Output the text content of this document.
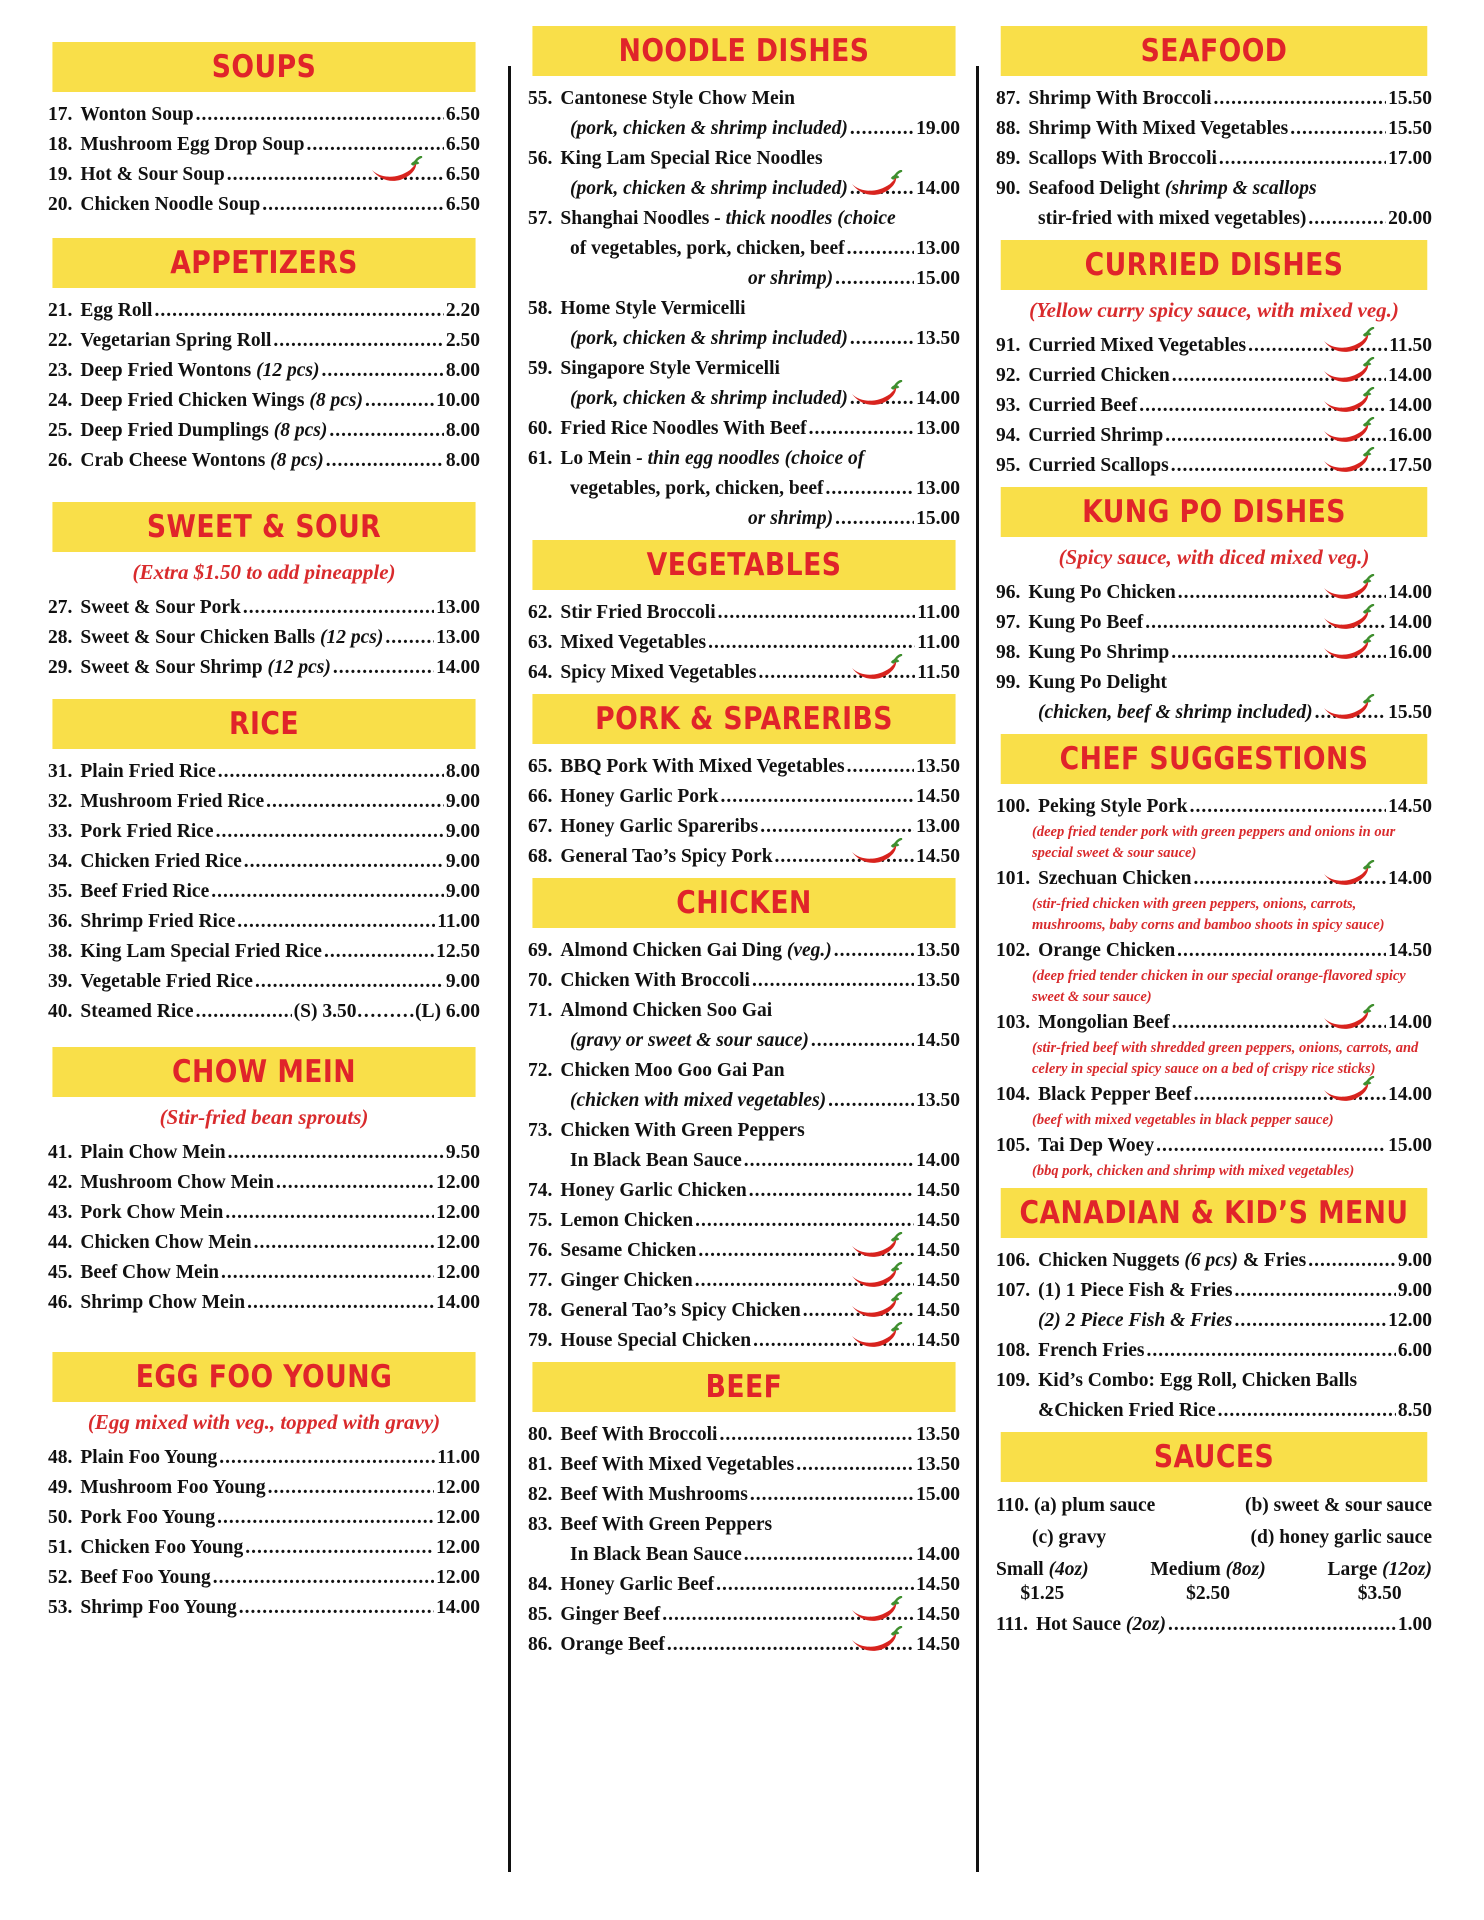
SOUPS
17. Wonton Soup .....	6.50
18. Mushroom Egg Drop Soup .....	6.50
19. Hot & Sour Soup .....	6.50
20. Chicken Noodle Soup .....	6.50
APPETIZERS
21. Egg Roll .....	2.20
22. Vegetarian Spring Roll .....	2.50
23. Deep Fried Wontons (12 pcs) .....	8.00
24. Deep Fried Chicken Wings (8 pcs) .....	10.00
25. Deep Fried Dumplings (8 pcs) .....	8.00
26. Crab Cheese Wontons (8 pcs) .....	8.00
SWEET & SOUR
(Extra $1.50 to add pineapple)
27. Sweet & Sour Pork .....	13.00
28. Sweet & Sour Chicken Balls (12 pcs) .....	13.00
29. Sweet & Sour Shrimp (12 pcs) .....	14.00
RICE
31. Plain Fried Rice .....	8.00
32. Mushroom Fried Rice .....	9.00
33. Pork Fried Rice .....	9.00
34. Chicken Fried Rice .....	9.00
35. Beef Fried Rice .....	9.00
36. Shrimp Fried Rice .....	11.00
38. King Lam Special Fried Rice .....	12.50
39. Vegetable Fried Rice .....	9.00
40. Steamed Rice .....	(S) 3.50………(L) 6.00
CHOW MEIN
(Stir-fried bean sprouts)
41. Plain Chow Mein .....	9.50
42. Mushroom Chow Mein .....	12.00
43. Pork Chow Mein .....	12.00
44. Chicken Chow Mein .....	12.00
45. Beef Chow Mein .....	12.00
46. Shrimp Chow Mein .....	14.00
EGG FOO YOUNG
(Egg mixed with veg., topped with gravy)
48. Plain Foo Young .....	11.00
49. Mushroom Foo Young .....	12.00
50. Pork Foo Young .....	12.00
51. Chicken Foo Young .....	12.00
52. Beef Foo Young .....	12.00
53. Shrimp Foo Young .....	14.00
NOODLE DISHES
55. Cantonese Style Chow Mein
(pork, chicken & shrimp included) .....	19.00
56. King Lam Special Rice Noodles
(pork, chicken & shrimp included) .....	14.00
57. Shanghai Noodles - thick noodles (choice
of vegetables, pork, chicken, beef .....	13.00
or shrimp) .....	15.00
58. Home Style Vermicelli
(pork, chicken & shrimp included) .....	13.50
59. Singapore Style Vermicelli
(pork, chicken & shrimp included) .....	14.00
60. Fried Rice Noodles With Beef .....	13.00
61. Lo Mein - thin egg noodles (choice of
vegetables, pork, chicken, beef .....	13.00
or shrimp) .....	15.00
VEGETABLES
62. Stir Fried Broccoli .....	11.00
63. Mixed Vegetables .....	11.00
64. Spicy Mixed Vegetables .....	11.50
PORK & SPARERIBS
65. BBQ Pork With Mixed Vegetables .....	13.50
66. Honey Garlic Pork .....	14.50
67. Honey Garlic Spareribs .....	13.00
68. General Tao’s Spicy Pork .....	14.50
CHICKEN
69. Almond Chicken Gai Ding (veg.) .....	13.50
70. Chicken With Broccoli .....	13.50
71. Almond Chicken Soo Gai
(gravy or sweet & sour sauce) .....	14.50
72. Chicken Moo Goo Gai Pan
(chicken with mixed vegetables) .....	13.50
73. Chicken With Green Peppers
In Black Bean Sauce .....	14.00
74. Honey Garlic Chicken .....	14.50
75. Lemon Chicken .....	14.50
76. Sesame Chicken .....	14.50
77. Ginger Chicken .....	14.50
78. General Tao’s Spicy Chicken .....	14.50
79. House Special Chicken .....	14.50
BEEF
80. Beef With Broccoli .....	13.50
81. Beef With Mixed Vegetables .....	13.50
82. Beef With Mushrooms .....	15.00
83. Beef With Green Peppers
In Black Bean Sauce .....	14.00
84. Honey Garlic Beef .....	14.50
85. Ginger Beef .....	14.50
86. Orange Beef .....	14.50
SEAFOOD
87. Shrimp With Broccoli .....	15.50
88. Shrimp With Mixed Vegetables .....	15.50
89. Scallops With Broccoli .....	17.00
90. Seafood Delight (shrimp & scallops
stir-fried with mixed vegetables) .....	20.00
CURRIED DISHES
(Yellow curry spicy sauce, with mixed veg.)
91. Curried Mixed Vegetables .....	11.50
92. Curried Chicken .....	14.00
93. Curried Beef .....	14.00
94. Curried Shrimp .....	16.00
95. Curried Scallops .....	17.50
KUNG PO DISHES
(Spicy sauce, with diced mixed veg.)
96. Kung Po Chicken .....	14.00
97. Kung Po Beef .....	14.00
98. Kung Po Shrimp .....	16.00
99. Kung Po Delight
(chicken, beef & shrimp included) .....	15.50
CHEF SUGGESTIONS
100. Peking Style Pork .....	14.50
(deep fried tender pork with green peppers and onions in our special sweet & sour sauce)
101. Szechuan Chicken .....	14.00
(stir-fried chicken with green peppers, onions, carrots, mushrooms, baby corns and bamboo shoots in spicy sauce)
102. Orange Chicken .....	14.50
(deep fried tender chicken in our special orange-flavored spicy sweet & sour sauce)
103. Mongolian Beef .....	14.00
(stir-fried beef with shredded green peppers, onions, carrots, and celery in special spicy sauce on a bed of crispy rice sticks)
104. Black Pepper Beef .....	14.00
(beef with mixed vegetables in black pepper sauce)
105. Tai Dep Woey .....	15.00
(bbq pork, chicken and shrimp with mixed vegetables)
CANADIAN & KID’S MENU
106. Chicken Nuggets (6 pcs) & Fries .....	9.00
107. (1) 1 Piece Fish & Fries .....	9.00
(2) 2 Piece Fish & Fries .....	12.00
108. French Fries .....	6.00
109. Kid’s Combo: Egg Roll, Chicken Balls
&Chicken Fried Rice .....	8.50
SAUCES
110. (a) plum sauce	(b) sweet & sour sauce
(c) gravy	(d) honey garlic sauce
Small (4oz)
$1.25
Medium (8oz)
$2.50
Large (12oz)
$3.50
111. Hot Sauce (2oz) .....	1.00
